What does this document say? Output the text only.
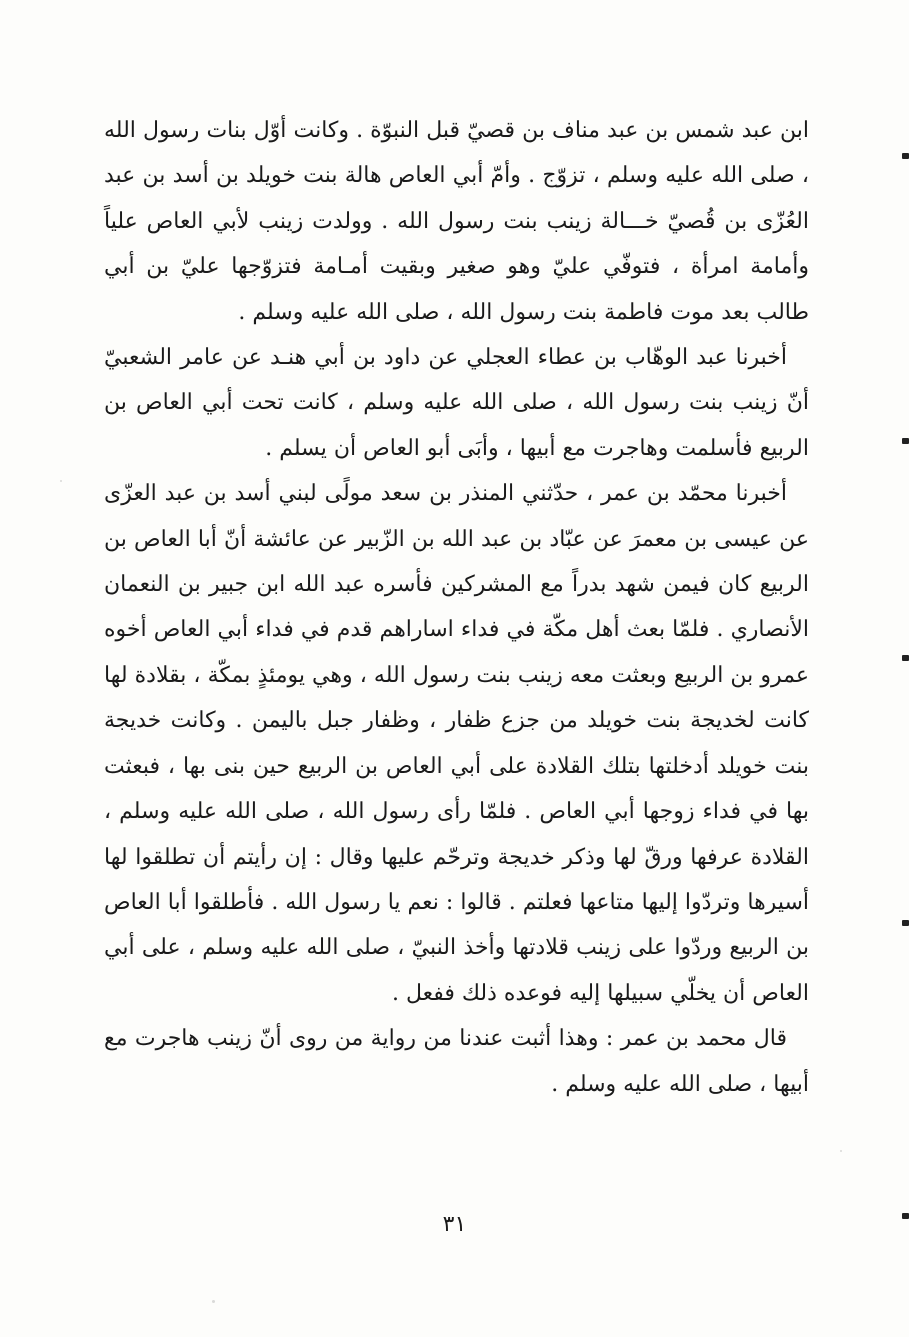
ابن عبد شمس بن عبد مناف بن قصيّ قبل النبوّة . وكانت أوّل بنات رسول الله ، صلى الله عليه وسلم ، تزوّج . وأمّ أبي العاص هالة بنت خويلد بن أسد بن عبد العُزّى بن قُصيّ خـــالة زينب بنت رسول الله . وولدت زينب لأبي العاص علياً وأمامة امرأة ، فتوفّي عليّ وهو صغير وبقيت أمـامة فتزوّجها عليّ بن أبي طالب بعد موت فاطمة بنت رسول الله ، صلى الله عليه وسلم .

أخبرنا عبد الوهّاب بن عطاء العجلي عن داود بن أبي هنـد عن عامر الشعبيّ أنّ زينب بنت رسول الله ، صلى الله عليه وسلم ، كانت تحت أبي العاص بن الربيع فأسلمت وهاجرت مع أبيها ، وأبَى أبو العاص أن يسلم .

أخبرنا محمّد بن عمر ، حدّثني المنذر بن سعد مولًى لبني أسد بن عبد العزّى عن عيسى بن معمرَ عن عبّاد بن عبد الله بن الزّبير عن عائشة أنّ أبا العاص بن الربيع كان فيمن شهد بدراً مع المشركين فأسره عبد الله ابن جبير بن النعمان الأنصاري . فلمّا بعث أهل مكّة في فداء اساراهم قدم في فداء أبي العاص أخوه عمرو بن الربيع وبعثت معه زينب بنت رسول الله ، وهي يومئذٍ بمكّة ، بقلادة لها كانت لخديجة بنت خويلد من جزع ظفار ، وظفار جبل باليمن . وكانت خديجة بنت خويلد أدخلتها بتلك القلادة على أبي العاص بن الربيع حين بنى بها ، فبعثت بها في فداء زوجها أبي العاص . فلمّا رأى رسول الله ، صلى الله عليه وسلم ، القلادة عرفها ورقّ لها وذكر خديجة وترحّم عليها وقال : إن رأيتم أن تطلقوا لها أسيرها وتردّوا إليها متاعها فعلتم . قالوا : نعم يا رسول الله . فأطلقوا أبا العاص بن الربيع وردّوا على زينب قلادتها وأخذ النبيّ ، صلى الله عليه وسلم ، على أبي العاص أن يخلّي سبيلها إليه فوعده ذلك ففعل .

قال محمد بن عمر : وهذا أثبت عندنا من رواية من روى أنّ زينب هاجرت مع أبيها ، صلى الله عليه وسلم .

٣١
